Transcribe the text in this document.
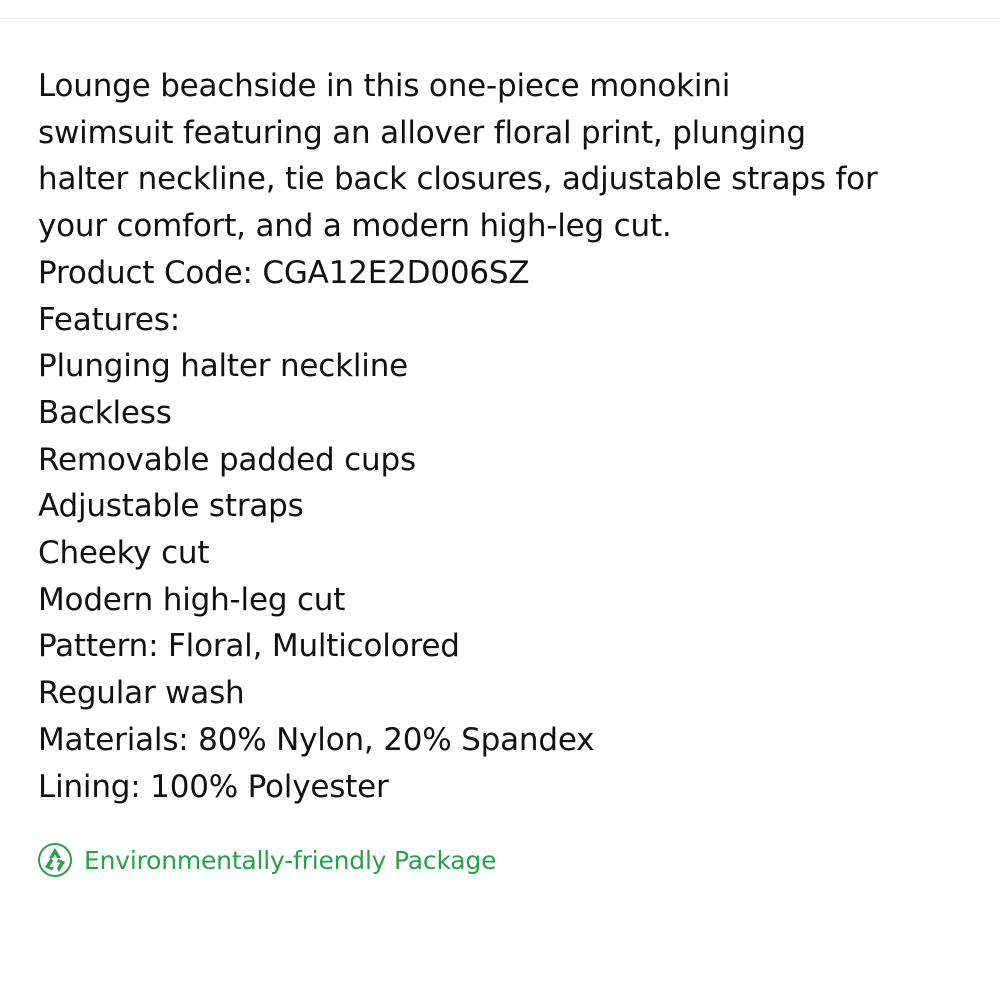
Lounge beachside in this one-piece monokini
swimsuit featuring an allover floral print, plunging
halter neckline, tie back closures, adjustable straps for
your comfort, and a modern high-leg cut.
Product Code: CGA12E2D006SZ
Features:
Plunging halter neckline
Backless
Removable padded cups
Adjustable straps
Cheeky cut
Modern high-leg cut
Pattern: Floral, Multicolored
Regular wash
Materials: 80% Nylon, 20% Spandex
Lining: 100% Polyester
Environmentally-friendly Package
